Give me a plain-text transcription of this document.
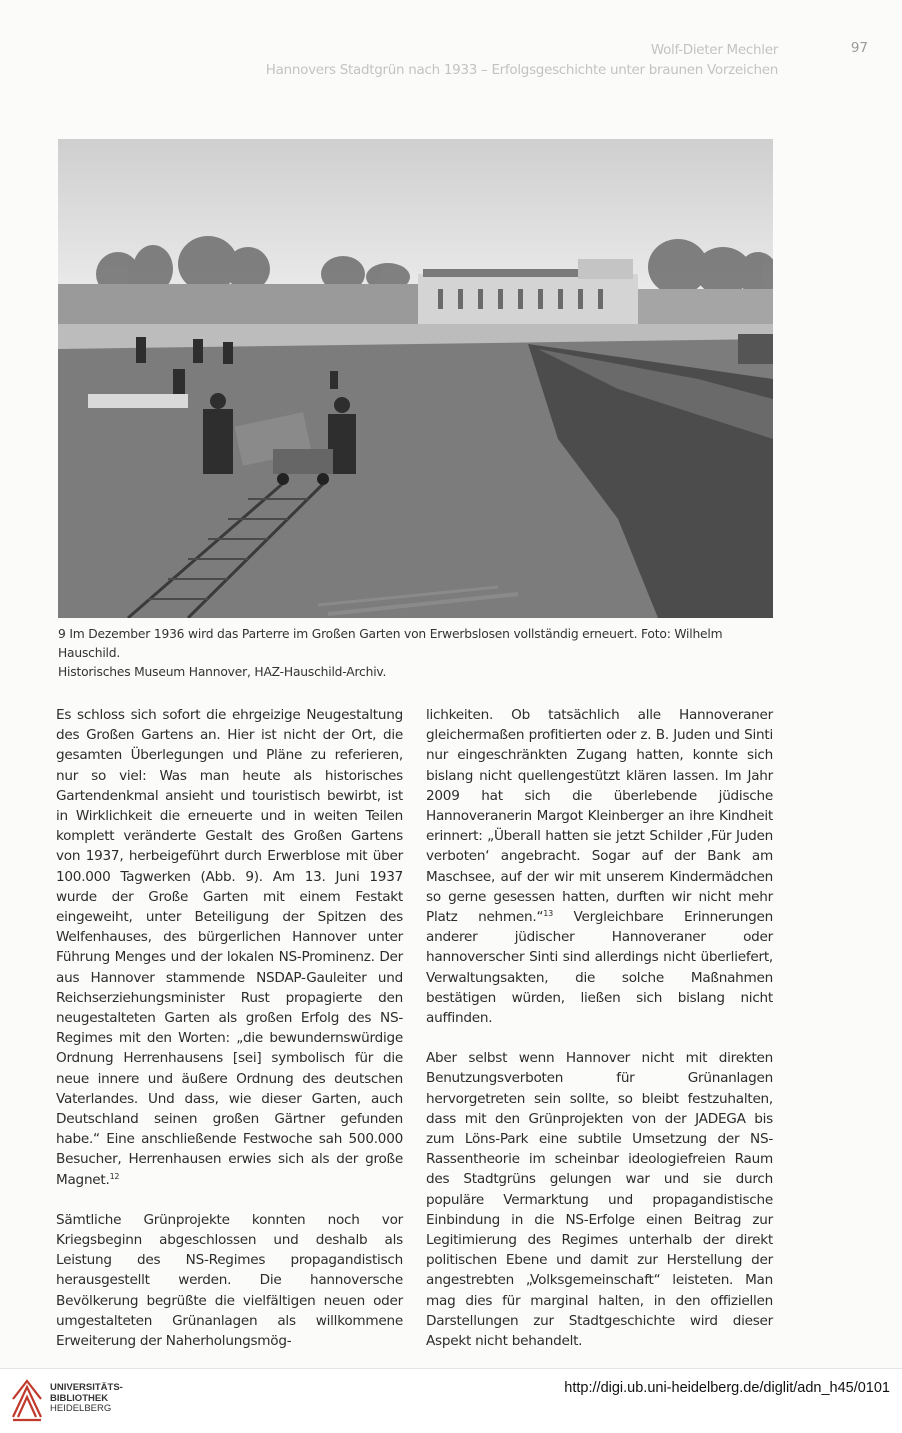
Wolf-Dieter Mechler
Hannovers Stadtgrün nach 1933 – Erfolgsgeschichte unter braunen Vorzeichen
97
9 Im Dezember 1936 wird das Parterre im Großen Garten von Erwerbslosen vollständig erneuert. Foto: Wilhelm Hauschild.
Historisches Museum Hannover, HAZ-Hauschild-Archiv.

Es schloss sich sofort die ehrgeizige Neugestaltung des Großen Gartens an. Hier ist nicht der Ort, die gesamten Überlegungen und Pläne zu referieren, nur so viel: Was man heute als historisches Gartendenkmal ansieht und touristisch bewirbt, ist in Wirklichkeit die erneuerte und in weiten Teilen komplett veränderte Gestalt des Großen Gartens von 1937, herbeigeführt durch Erwerblose mit über 100.000 Tagwerken (Abb. 9). Am 13. Juni 1937 wurde der Große Garten mit einem Festakt eingeweiht, unter Beteiligung der Spitzen des Welfenhauses, des bürgerlichen Hannover unter Führung Menges und der lokalen NS-Prominenz. Der aus Hannover stammende NSDAP-Gauleiter und Reichserziehungsminister Rust propagierte den neugestalteten Garten als großen Erfolg des NS-Regimes mit den Worten: „die bewundernswürdige Ordnung Herrenhausens [sei] symbolisch für die neue innere und äußere Ordnung des deutschen Vaterlandes. Und dass, wie dieser Garten, auch Deutschland seinen großen Gärtner gefunden habe.“ Eine anschließende Festwoche sah 500.000 Besucher, Herrenhausen erwies sich als der große Magnet.$^{12}$

Sämtliche Grünprojekte konnten noch vor Kriegsbeginn abgeschlossen und deshalb als Leistung des NS-Regimes propagandistisch herausgestellt werden. Die hannoversche Bevölkerung begrüßte die vielfältigen neuen oder umgestalteten Grünanlagen als willkommene Erweiterung der Naherholungsmög-

lichkeiten. Ob tatsächlich alle Hannoveraner gleichermaßen profitierten oder z. B. Juden und Sinti nur eingeschränkten Zugang hatten, konnte sich bislang nicht quellengestützt klären lassen. Im Jahr 2009 hat sich die überlebende jüdische Hannoveranerin Margot Kleinberger an ihre Kindheit erinnert: „Überall hatten sie jetzt Schilder ‚Für Juden verboten‘ angebracht. Sogar auf der Bank am Maschsee, auf der wir mit unserem Kindermädchen so gerne gesessen hatten, durften wir nicht mehr Platz nehmen.“$^{13}$ Vergleichbare Erinnerungen anderer jüdischer Hannoveraner oder hannoverscher Sinti sind allerdings nicht überliefert, Verwaltungsakten, die solche Maßnahmen bestätigen würden, ließen sich bislang nicht auffinden.

Aber selbst wenn Hannover nicht mit direkten Benutzungsverboten für Grünanlagen hervorgetreten sein sollte, so bleibt festzuhalten, dass mit den Grünprojekten von der JADEGA bis zum Löns-Park eine subtile Umsetzung der NS-Rassentheorie im scheinbar ideologiefreien Raum des Stadtgrüns gelungen war und sie durch populäre Vermarktung und propagandistische Einbindung in die NS-Erfolge einen Beitrag zur Legitimierung des Regimes unterhalb der direkt politischen Ebene und damit zur Herstellung der angestrebten „Volksgemeinschaft“ leisteten. Man mag dies für marginal halten, in den offiziellen Darstellungen zur Stadtgeschichte wird dieser Aspekt nicht behandelt.

UNIVERSITÄTS-
BIBLIOTHEK
HEIDELBERG
http://digi.ub.uni-heidelberg.de/diglit/adn_h45/0101
